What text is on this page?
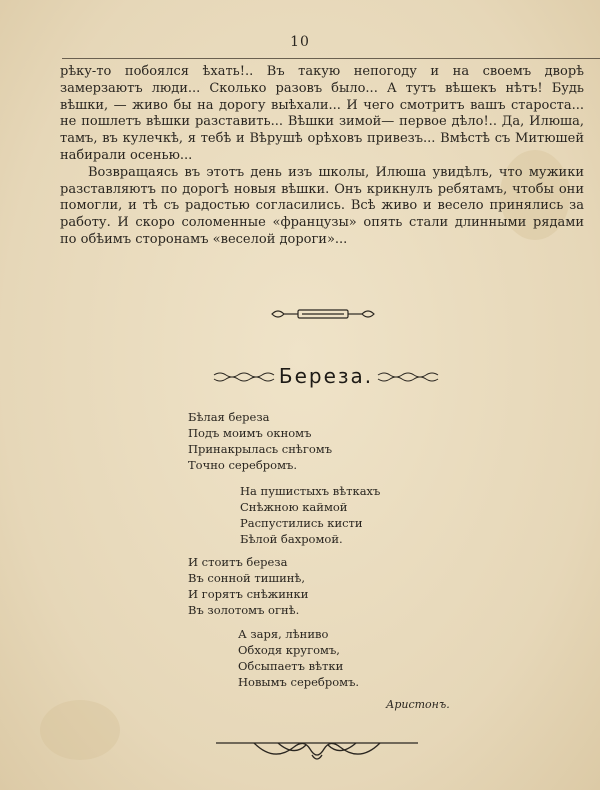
10

рѣку-то побоялся ѣхать!.. Въ такую непогоду и на своемъ дворѣ замерзаютъ люди... Сколько разовъ было... А тутъ вѣшекъ нѣтъ! Будь вѣшки, — живо бы на дорогу выѣхали... И чего смотритъ вашъ староста... не пошлетъ вѣшки разставить... Вѣшки зимой— первое дѣло!.. Да, Илюша, тамъ, въ кулечкѣ, я тебѣ и Вѣрушѣ орѣховъ привезъ... Вмѣстѣ съ Митюшей набирали осенью...

Возвращаясь въ этотъ день изъ школы, Илюша увидѣлъ, что мужики разставляютъ по дорогѣ новыя вѣшки. Онъ крикнулъ ребятамъ, чтобы они помогли, и тѣ съ радостью согласились. Всѣ живо и весело принялись за работу. И скоро соломенные «французы» опять стали длинными рядами по обѣимъ сторонамъ «веселой дороги»...

Береза.
Бѣлая береза
Подъ моимъ окномъ
Принакрылась снѣгомъ
Точно серебромъ.
На пушистыхъ вѣткахъ
Снѣжною каймой
Распустились кисти
Бѣлой бахромой.
И стоитъ береза
Въ сонной тишинѣ,
И горятъ снѣжинки
Въ золотомъ огнѣ.
А заря, лѣниво
Обходя кругомъ,
Обсыпаетъ вѣтки
Новымъ серебромъ.
Аристонъ.
